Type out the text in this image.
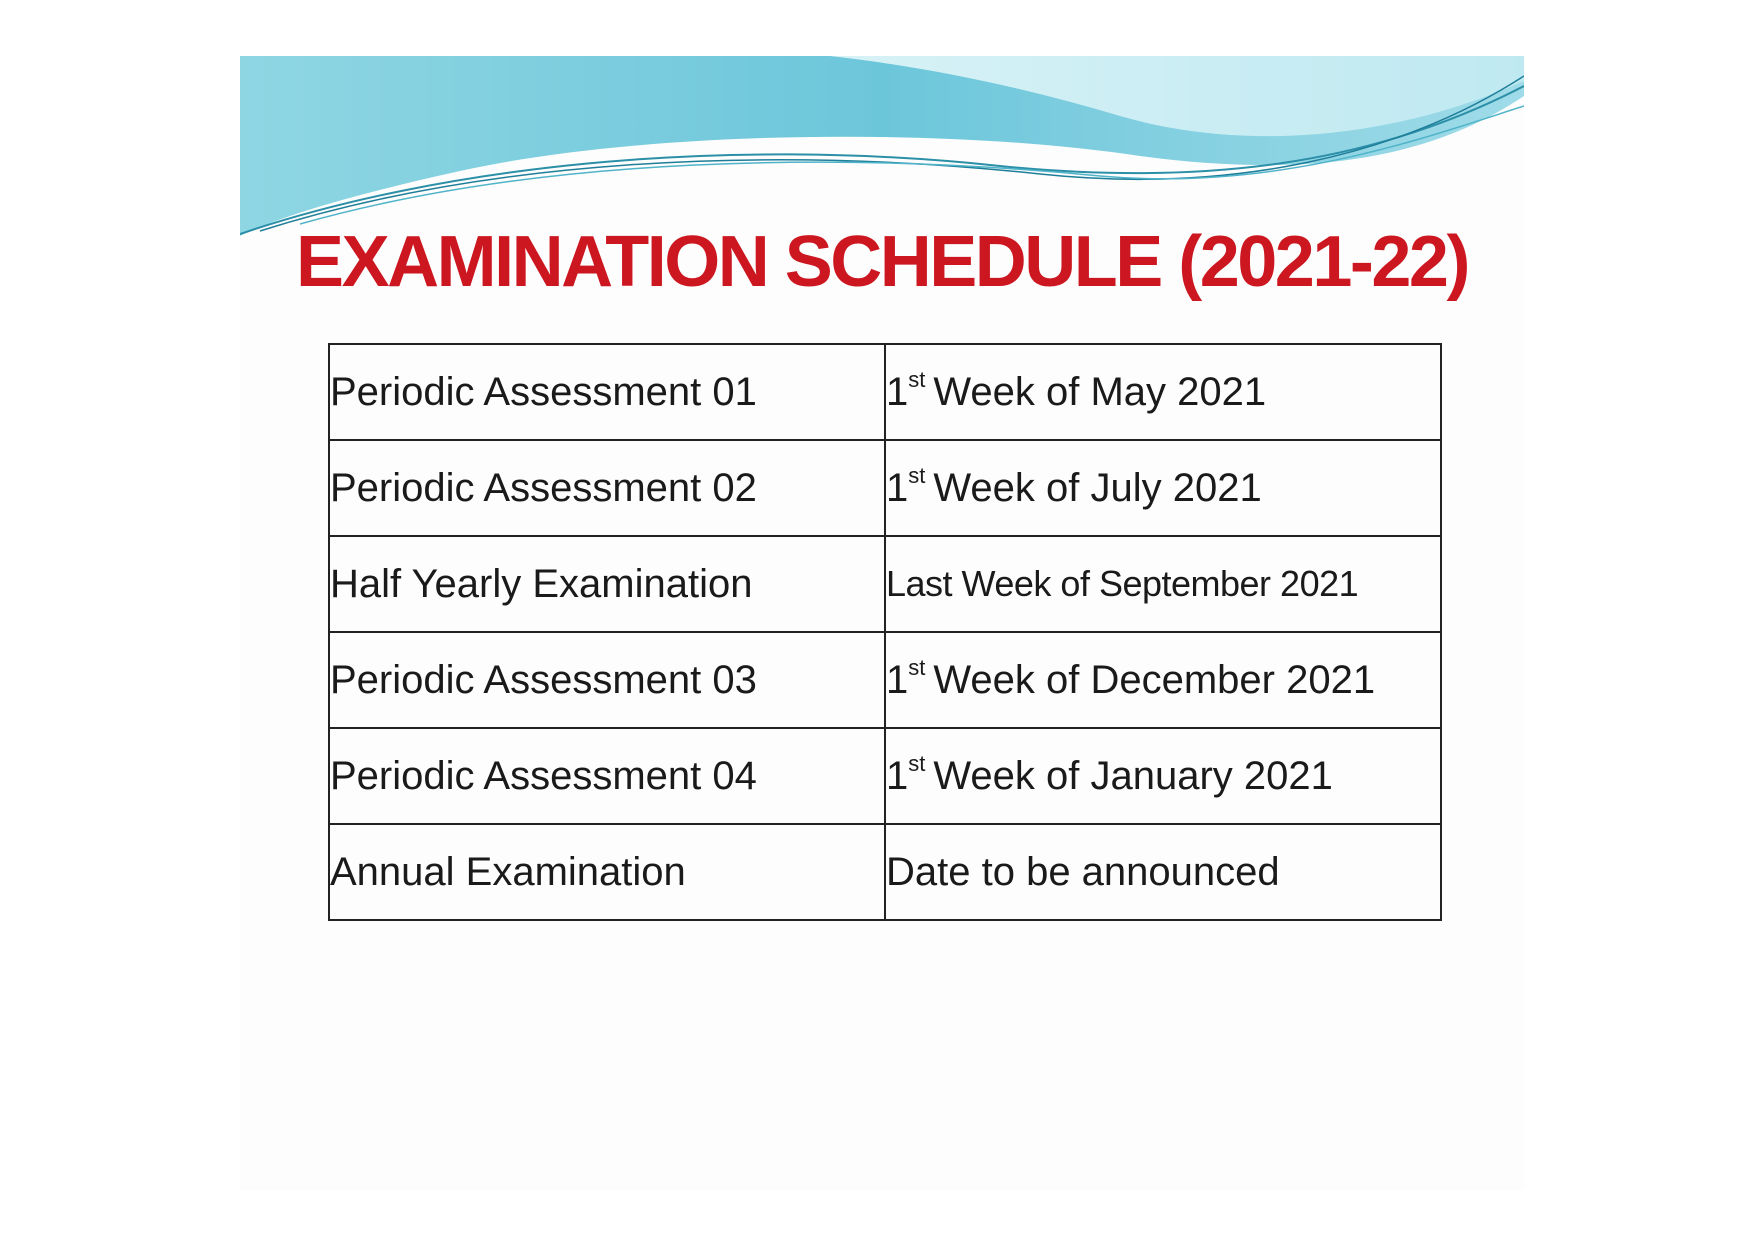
EXAMINATION SCHEDULE (2021-22)
Periodic Assessment 01	1st Week of May 2021
Periodic Assessment 02	1st Week of July 2021
Half Yearly Examination	Last Week of September 2021
Periodic Assessment 03	1st Week of December 2021
Periodic Assessment 04	1st Week of January 2021
Annual Examination	Date to be announced
